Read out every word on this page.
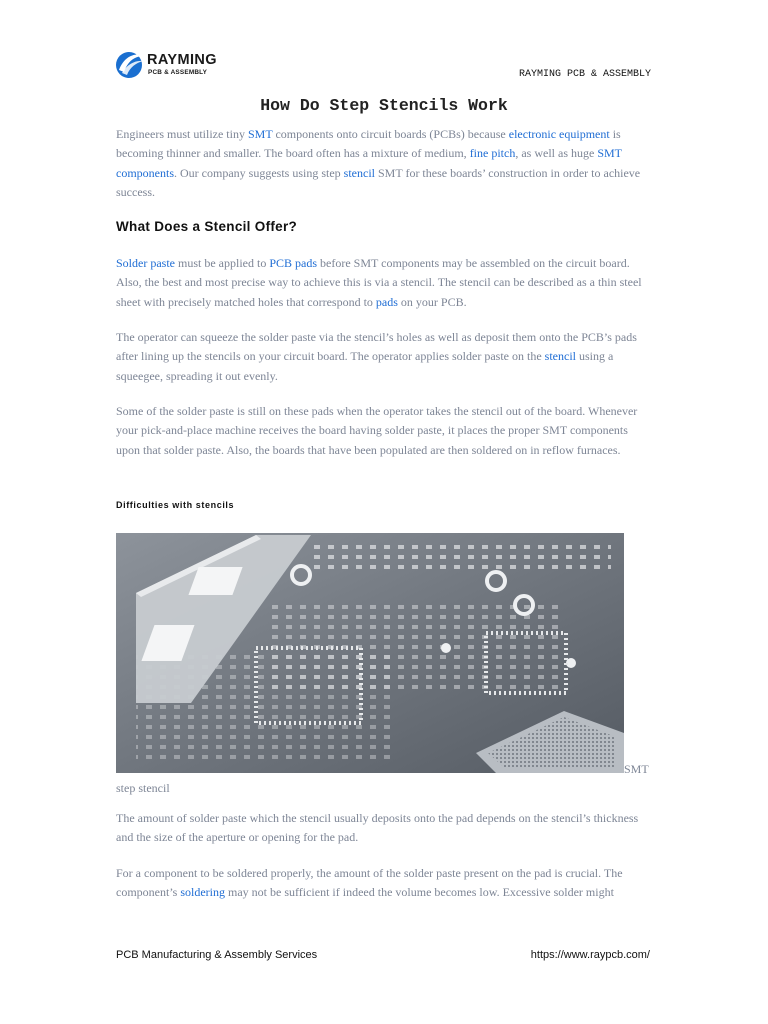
RAYMING
PCB & ASSEMBLY	RAYMING PCB & ASSEMBLY
How Do Step Stencils Work

Engineers must utilize tiny SMT components onto circuit boards (PCBs) because electronic equipment is becoming thinner and smaller. The board often has a mixture of medium, fine pitch, as well as huge SMT components. Our company suggests using step stencil SMT for these boards’ construction in order to achieve success.

What Does a Stencil Offer?

Solder paste must be applied to PCB pads before SMT components may be assembled on the circuit board. Also, the best and most precise way to achieve this is via a stencil. The stencil can be described as a thin steel sheet with precisely matched holes that correspond to pads on your PCB.

The operator can squeeze the solder paste via the stencil’s holes as well as deposit them onto the PCB’s pads after lining up the stencils on your circuit board. The operator applies solder paste on the stencil using a squeegee, spreading it out evenly.

Some of the solder paste is still on these pads when the operator takes the stencil out of the board. Whenever your pick-and-place machine receives the board having solder paste, it places the proper SMT components upon that solder paste. Also, the boards that have been populated are then soldered on in reflow furnaces.

Difficulties with stencils
SMT
step stencil

The amount of solder paste which the stencil usually deposits onto the pad depends on the stencil’s thickness and the size of the aperture or opening for the pad.

For a component to be soldered properly, the amount of the solder paste present on the pad is crucial. The component’s soldering may not be sufficient if indeed the volume becomes low. Excessive solder might

PCB Manufacturing & Assembly Services	https://www.raypcb.com/
